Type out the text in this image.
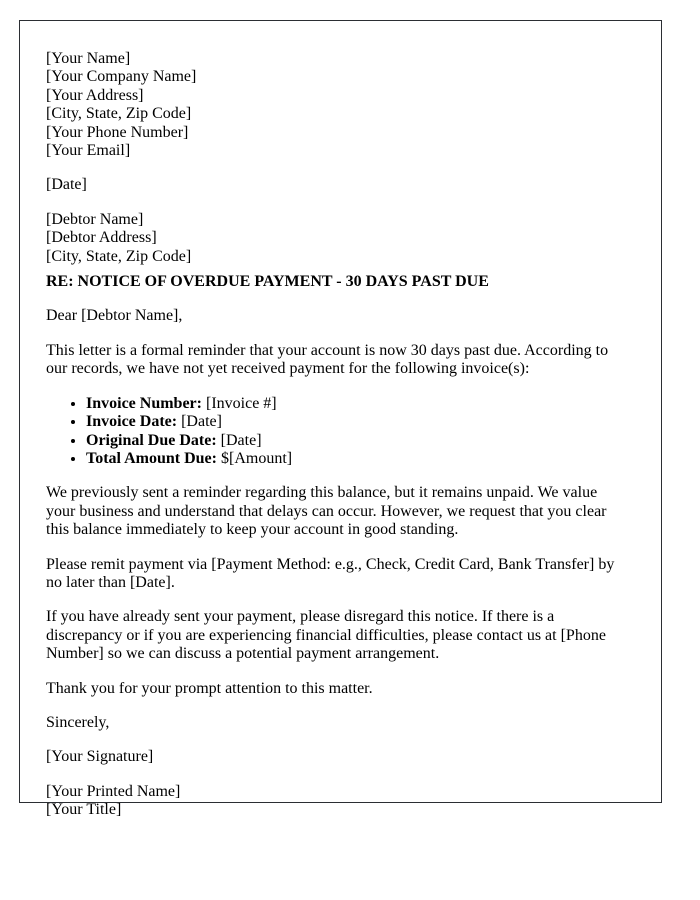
[Your Name]
[Your Company Name]
[Your Address]
[City, State, Zip Code]
[Your Phone Number]
[Your Email]

[Date]

[Debtor Name]
[Debtor Address]
[City, State, Zip Code]

RE: NOTICE OF OVERDUE PAYMENT - 30 DAYS PAST DUE

Dear [Debtor Name],

This letter is a formal reminder that your account is now 30 days past due. According to our records, we have not yet received payment for the following invoice(s):

• Invoice Number: [Invoice #]
• Invoice Date: [Date]
• Original Due Date: [Date]
• Total Amount Due: $[Amount]

We previously sent a reminder regarding this balance, but it remains unpaid. We value your business and understand that delays can occur. However, we request that you clear this balance immediately to keep your account in good standing.

Please remit payment via [Payment Method: e.g., Check, Credit Card, Bank Transfer] by no later than [Date].

If you have already sent your payment, please disregard this notice. If there is a discrepancy or if you are experiencing financial difficulties, please contact us at [Phone Number] so we can discuss a potential payment arrangement.

Thank you for your prompt attention to this matter.

Sincerely,

[Your Signature]

[Your Printed Name]
[Your Title]
